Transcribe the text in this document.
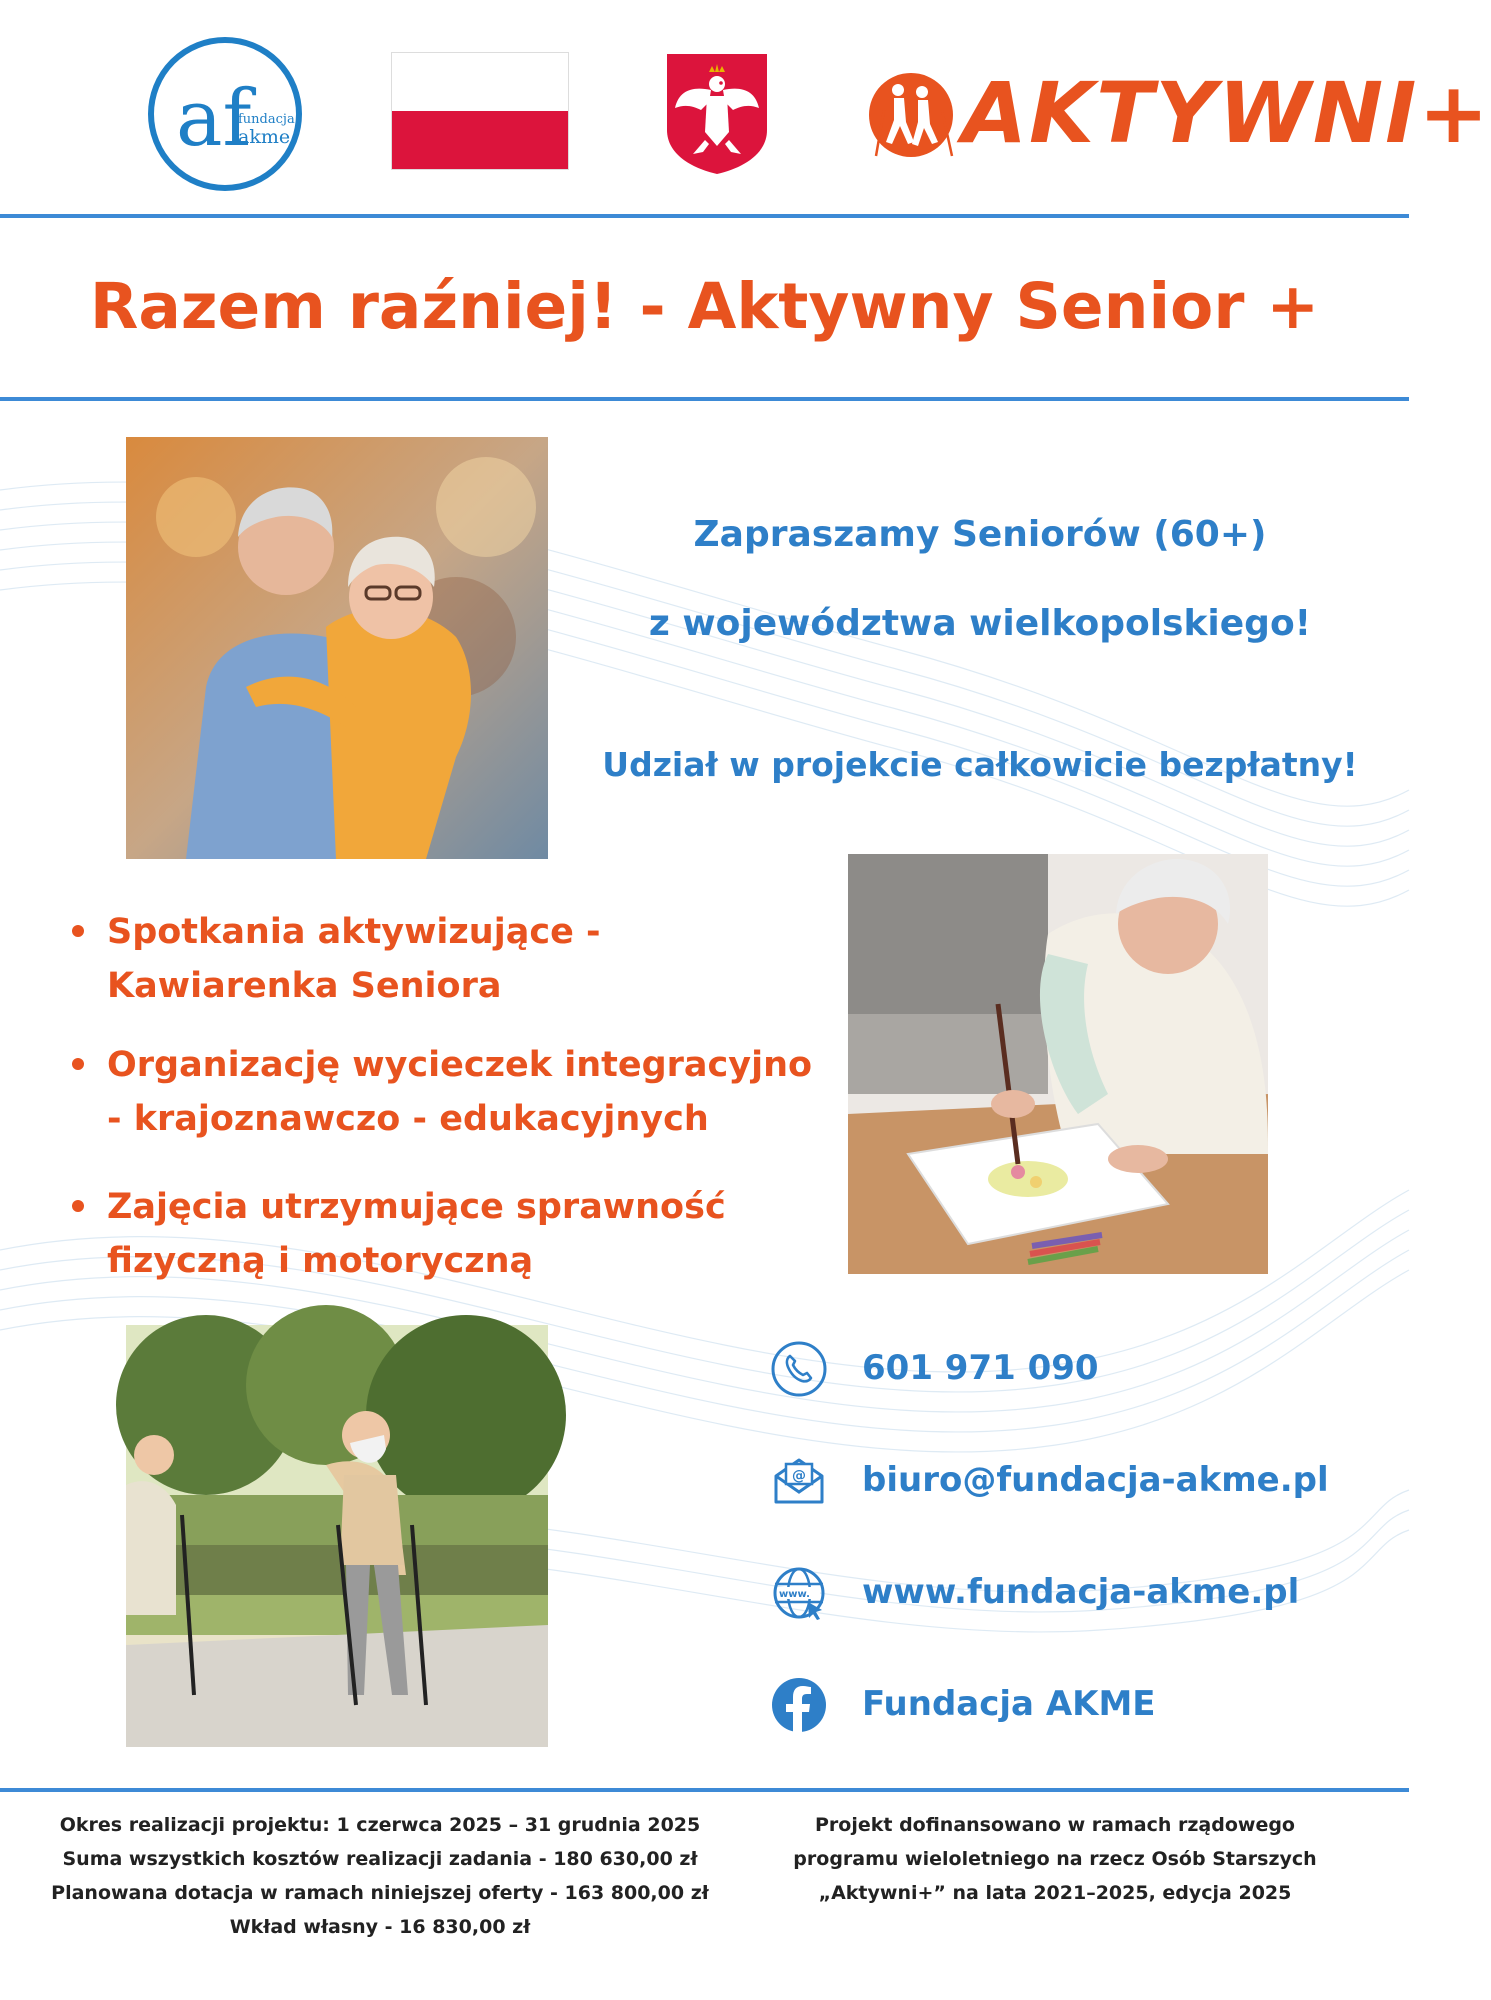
af
fundacja
akme	AKTYWNI+
Razem raźniej! - Aktywny Senior +
Zapraszamy Seniorów (60+)
z województwa wielkopolskiego!
Udział w projekcie całkowicie bezpłatny!
Spotkania aktywizujące -
Kawiarenka Seniora
Organizację wycieczek integracyjno
- krajoznawczo - edukacyjnych
Zajęcia utrzymujące sprawność
fizyczną i motoryczną
601 971 090
@ biuro@fundacja-akme.pl
www. www.fundacja-akme.pl
Fundacja AKME
Okres realizacji projektu: 1 czerwca 2025 – 31 grudnia 2025
Suma wszystkich kosztów realizacji zadania - 180 630,00 zł
Planowana dotacja w ramach niniejszej oferty - 163 800,00 zł
Wkład własny - 16 830,00 zł
Projekt dofinansowano w ramach rządowego
programu wieloletniego na rzecz Osób Starszych
„Aktywni+” na lata 2021–2025, edycja 2025
